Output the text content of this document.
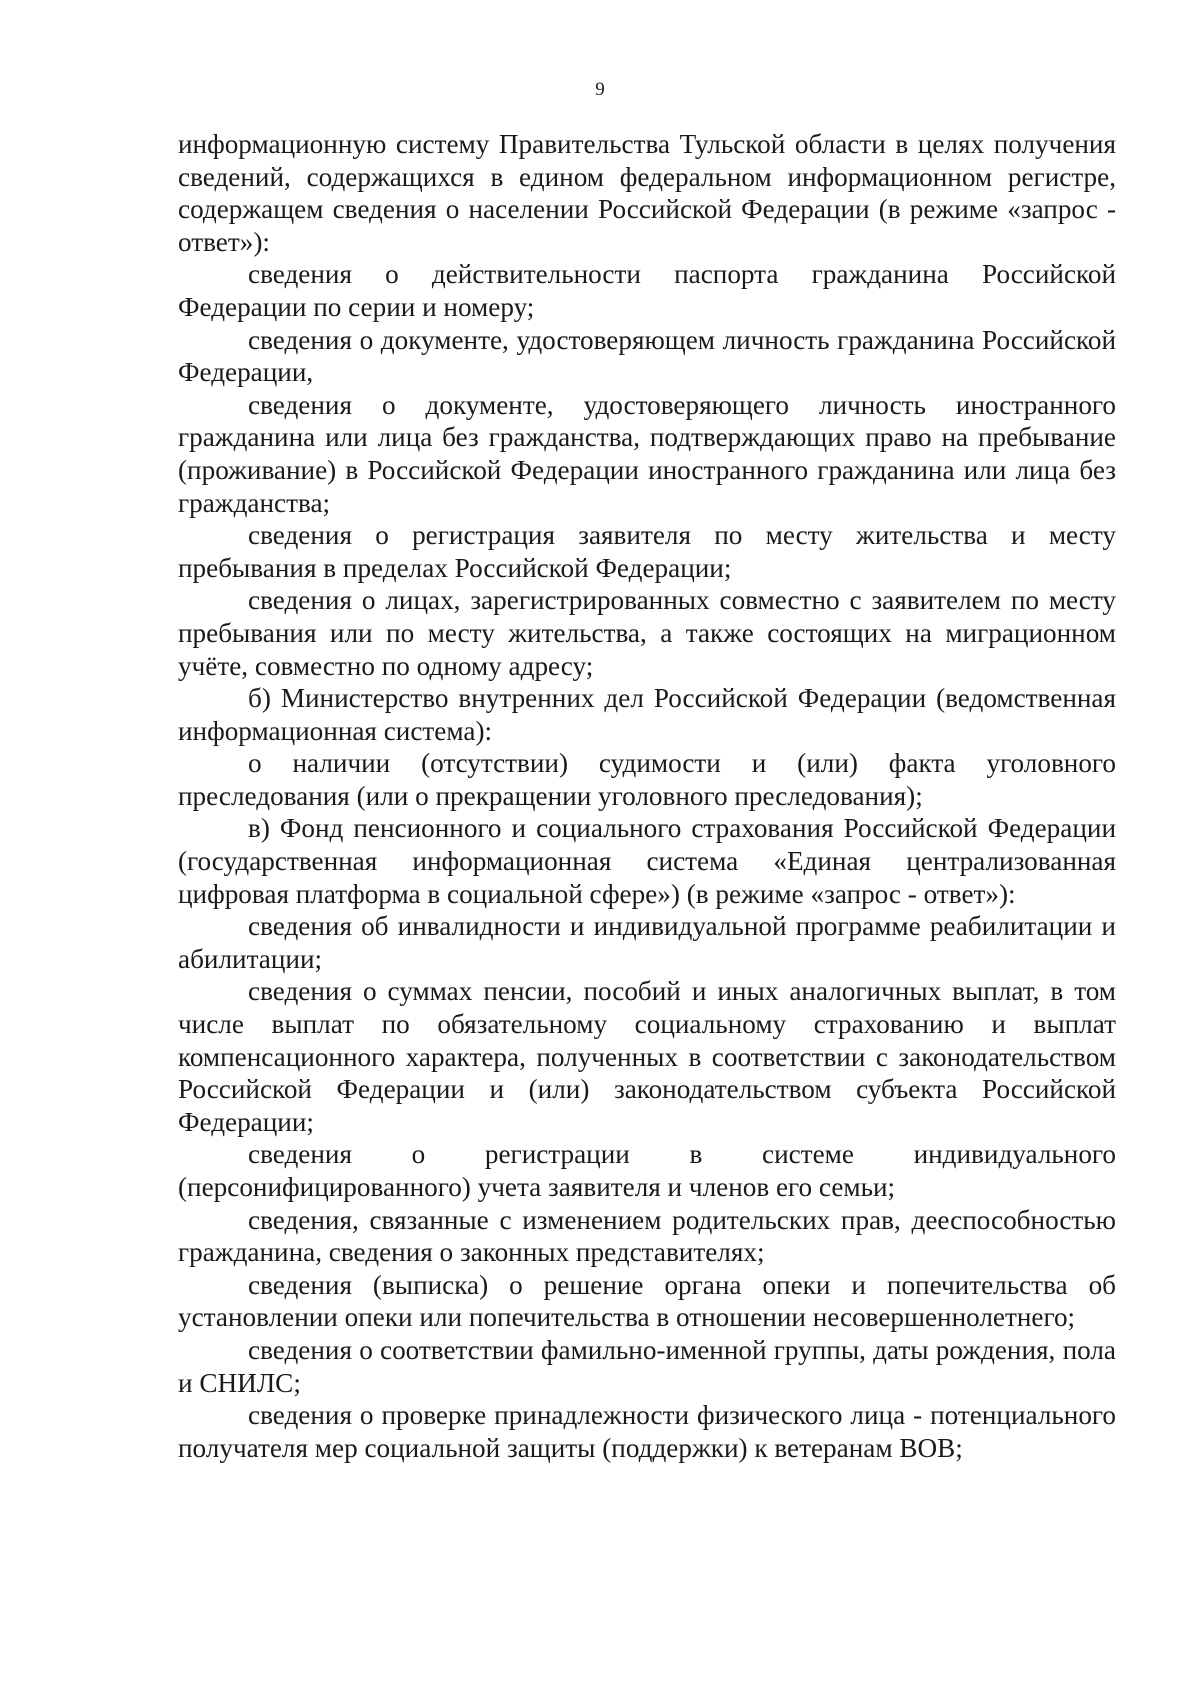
9

информационную систему Правительства Тульской области в целях получения сведений, содержащихся в едином федеральном информационном регистре, содержащем сведения о населении Российской Федерации (в режиме «запрос - ответ»):

сведения о действительности паспорта гражданина Российской Федерации по серии и номеру;

сведения о документе, удостоверяющем личность гражданина Российской Федерации,

сведения о документе, удостоверяющего личность иностранного гражданина или лица без гражданства, подтверждающих право на пребывание (проживание) в Российской Федерации иностранного гражданина или лица без гражданства;

сведения о регистрация заявителя по месту жительства и месту пребывания в пределах Российской Федерации;

сведения о лицах, зарегистрированных совместно с заявителем по месту пребывания или по месту жительства, а также состоящих на миграционном учёте, совместно по одному адресу;

б) Министерство внутренних дел Российской Федерации (ведомственная информационная система):

о наличии (отсутствии) судимости и (или) факта уголовного преследования (или о прекращении уголовного преследования);

в) Фонд пенсионного и социального страхования Российской Федерации (государственная информационная система «Единая централизованная цифровая платформа в социальной сфере») (в режиме «запрос - ответ»):

сведения об инвалидности и индивидуальной программе реабилитации и абилитации;

сведения о суммах пенсии, пособий и иных аналогичных выплат, в том числе выплат по обязательному социальному страхованию и выплат компенсационного характера, полученных в соответствии с законодательством Российской Федерации и (или) законодательством субъекта Российской Федерации;

сведения о регистрации в системе индивидуального (персонифицированного) учета заявителя и членов его семьи;

сведения, связанные с изменением родительских прав, дееспособностью гражданина, сведения о законных представителях;

сведения (выписка) о решение органа опеки и попечительства об установлении опеки или попечительства в отношении несовершеннолетнего;

сведения о соответствии фамильно-именной группы, даты рождения, пола и СНИЛС;

сведения о проверке принадлежности физического лица - потенциального получателя мер социальной защиты (поддержки) к ветеранам ВОВ;
